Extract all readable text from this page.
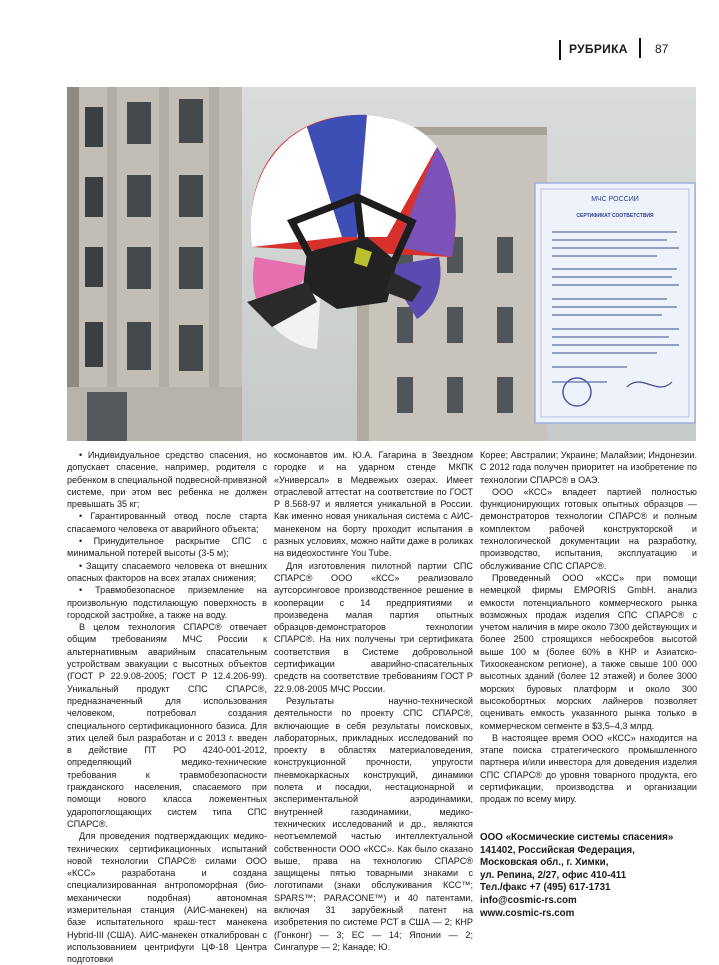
РУБРИКА 87
МЧС РОССИИ
СЕРТИФИКАТ СООТВЕТСТВИЯ

• Индивидуальное средство спасения, но допускает спасение, например, родителя с ребенком в специальной подвесной-привязной системе, при этом вес ребенка не должен превышать 35 кг;

• Гарантированный отвод после старта спасаемого человека от аварийного объекта;

• Принудительное раскрытие СПС с минимальной потерей высоты (3-5 м);

• Защиту спасаемого человека от внешних опасных факторов на всех этапах снижения;

• Травмобезопасное приземление на произвольную подстилающую поверхность в городской застройке, а также на воду.

В целом технология СПАРС® отвечает общим требованиям МЧС России к альтернативным аварийным спасательным устройствам эвакуации с высотных объектов (ГОСТ Р 22.9.08-2005; ГОСТ Р 12.4.206-99). Уникальный продукт СПС СПАРС®, предназначенный для использования человеком, потребовал создания специального сертификационного базиса. Для этих целей был разработан и с 2013 г. введен в действие ПТ РО 4240-001-2012, определяющий медико-технические требования к травмобезопасности гражданского населения, спасаемого при помощи нового класса ложементных ударопоглощающих систем типа СПС СПАРС®.

Для проведения подтверждающих медико-технических сертификационных испытаний новой технологии СПАРС® силами ООО «КСС» разработана и создана специализированная антропоморфная (био-механически подобная) автономная измерительная станция (АИС-манекен) на базе испытательного краш-тест манекена Hybrid-III (США). АИС-манекен откалиброван с использованием центрифуги ЦФ-18 Центра подготовки

космонавтов им. Ю.А. Гагарина в Звездном городке и на ударном стенде МКПК «Универсал» в Медвежьих озерах. Имеет отраслевой аттестат на соответствие по ГОСТ Р 8.568-97 и является уникальной в России. Как именно новая уникальная система с АИС-манекеном на борту проходит испытания в разных условиях, можно найти даже в роликах на видеохостинге You Tube.

Для изготовления пилотной партии СПС СПАРС® ООО «КСС» реализовало аутсорсинговое производственное решение в кооперации с 14 предприятиями и произведена малая партия опытных образцов-демонстраторов технологии СПАРС®. На них получены три сертификата соответствия в Системе добровольной сертификации аварийно-спасательных средств на соответствие требованиям ГОСТ Р 22.9.08-2005 МЧС России.

Результаты научно-технической деятельности по проекту СПС СПАРС®, включающие в себя результаты поисковых, лабораторных, прикладных исследований по проекту в областях материаловедения, конструкционной прочности, упругости пневмокаркасных конструкций, динамики полета и посадки, нестационарной и экспериментальной аэродинамики, внутренней газодинамики, медико-технических исследований и др., являются неотъемлемой частью интеллектуальной собственности ООО «КСС». Как было сказано выше, права на технологию СПАРС® защищены пятью товарными знаками с логотипами (знаки обслуживания КСС™; SPARS™; PARACONE™) и 40 патентами, включая 31 зарубежный патент на изобретения по системе РСТ в США — 2; КНР (Гонконг) — 3; ЕС — 14; Японии — 2; Сингапуре — 2; Канаде; Ю.

Корее; Австралии; Украине; Малайзии; Индонезии. С 2012 года получен приоритет на изобретение по технологии СПАРС® в ОАЭ.

ООО «КСС» владеет партией полностью функционирующих готовых опытных образцов — демонстраторов технологии СПАРС® и полным комплектом рабочей конструкторской и технологической документации на разработку, производство, испытания, эксплуатацию и обслуживание СПС СПАРС®.

Проведенный ООО «КСС» при помощи немецкой фирмы EMPORIS GmbH. анализ емкости потенциального коммерческого рынка возможных продаж изделия СПС СПАРС® с учетом наличия в мире около 7300 действующих и более 2500 строящихся небоскребов высотой выше 100 м (более 60% в КНР и Азиатско-Тихоокеанском регионе), а также свыше 100 000 высотных зданий (более 12 этажей) и более 3000 морских буровых платформ и около 300 высокобортных морских лайнеров позволяет оценивать емкость указанного рынка только в коммерческом сегменте в $3,5–4,3 млрд.

В настоящее время ООО «КСС» находится на этапе поиска стратегического промышленного партнера и/или инвестора для доведения изделия СПС СПАРС® до уровня товарного продукта, его сертификации, производства и организации продаж по всему миру.

ООО «Космические системы спасения»
141402, Российская Федерация,
Московская обл., г. Химки,
ул. Репина, 2/27, офис 410-411
Тел./факс +7 (495) 617-1731
info@cosmic-rs.com
www.cosmic-rs.com
